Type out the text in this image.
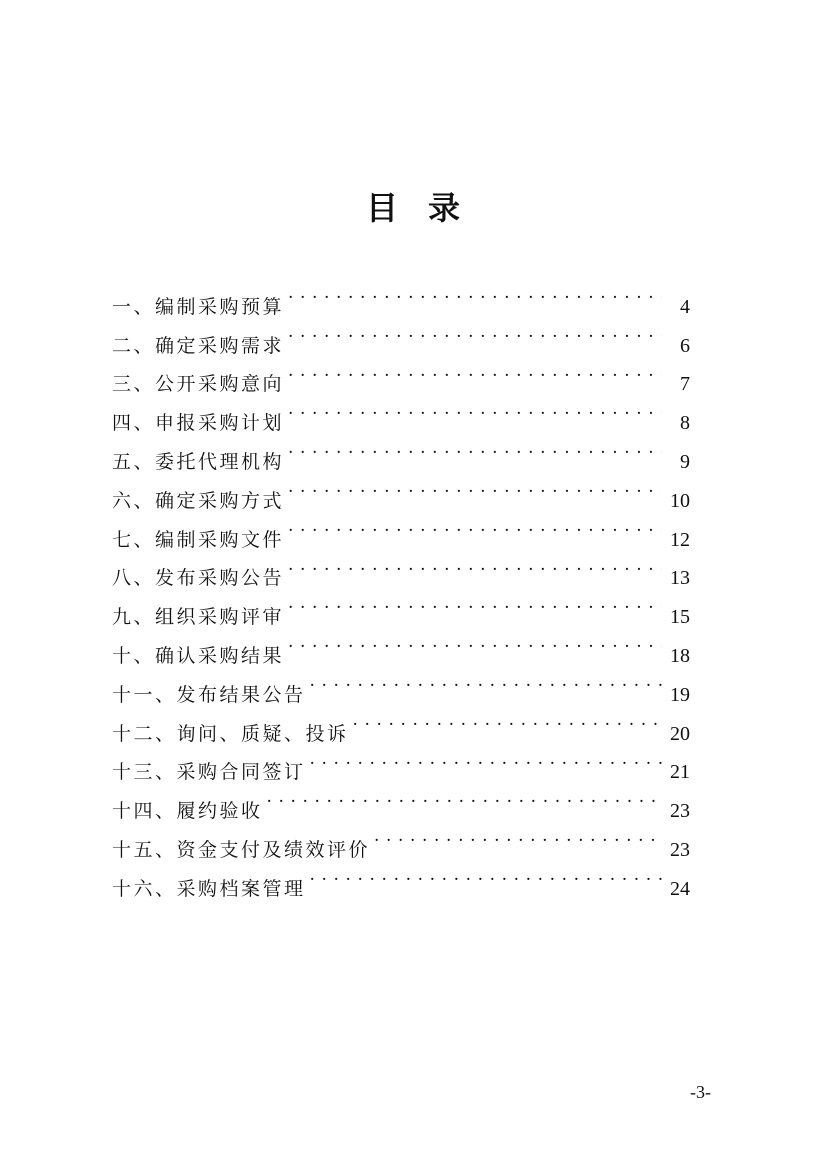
目 录
一、编制采购预算 . . .	4
二、确定采购需求 . . .	6
三、公开采购意向 . . .	7
四、申报采购计划 . . .	8
五、委托代理机构 . . .	9
六、确定采购方式 . . .	10
七、编制采购文件 . . .	12
八、发布采购公告 . . .	13
九、组织采购评审 . . .	15
十、确认采购结果 . . .	18
十一、发布结果公告 . . .	19
十二、询问、质疑、投诉 . . .	20
十三、采购合同签订 . . .	21
十四、履约验收 . . .	23
十五、资金支付及绩效评价 . . .	23
十六、采购档案管理 . . .	24
-3-
